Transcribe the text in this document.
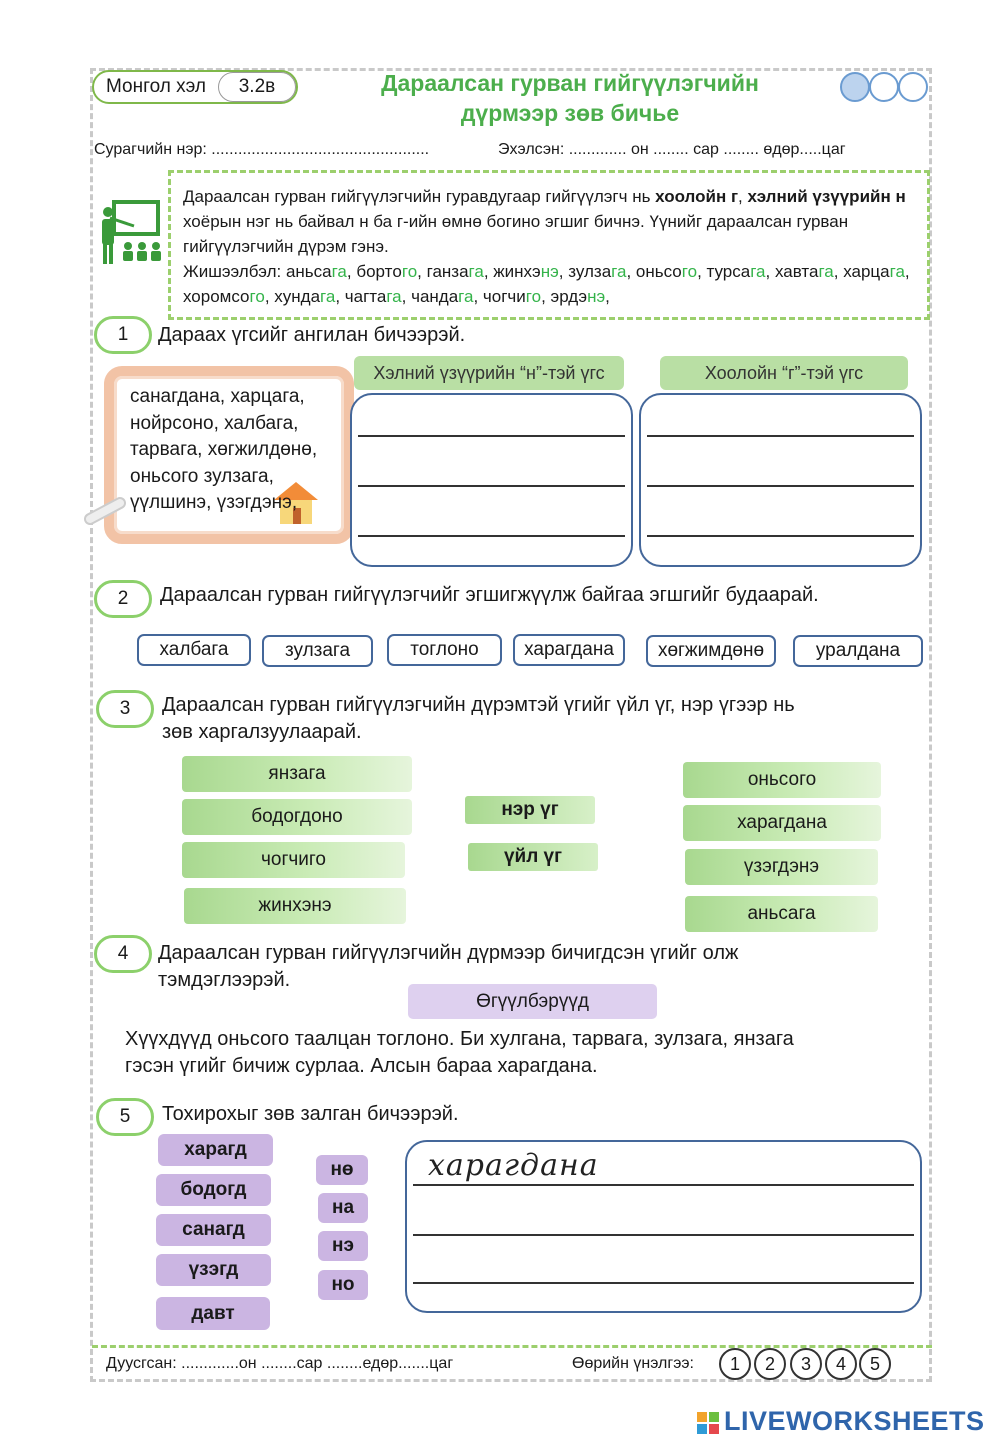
Монгол хэл	3.2в	Дараалсан гурван гийгүүлэгчийн
дүрмээр зөв бичье
Сурагчийн нэр: .................................................	Эхэлсэн: ............. он ........ сар ........ өдөр.....цаг
Дараалсан гурван гийгүүлэгчийн гуравдугаар гийгүүлэгч нь хоолойн г, хэлний үзүүрийн н хоёрын нэг нь байвал н ба г-ийн өмнө богино эгшиг бичнэ. Үүнийг дараалсан гурван гийгүүлэгчийн дүрэм гэнэ.
Жишээлбэл: аньсага, бортoго, ганзага, жинхэнэ, зулзага, оньсого, турсага, хавтага, харцага, хоромсого, хундага, чагтага, чандага, чогчиго, эрдэнэ,
1	Дараах үгсийг ангилан бичээрэй.
санагдана, харцага,
нойрсоно, халбага,
тарвага, хөгжилдөнө,
оньсого зулзага,
үүлшинэ, үзэгдэнэ,
Хэлний үзүүрийн “н”-тэй үгс	Хоолойн “г”-тэй үгс
2	Дараалсан гурван гийгүүлэгчийг эгшигжүүлж байгаа эгшгийг будаарай.
халбага	зулзага	тоглоно	харагдана	хөгжимдөнө	уралдана
3	Дараалсан гурван гийгүүлэгчийн дүрэмтэй үгийг үйл үг, нэр үгээр нь
зөв харгалзуулаарай.
янзага
бодогдоно
чогчиго
жинхэнэ
нэр үг
үйл үг
оньсого
харагдана
үзэгдэнэ
аньсага
4	Дараалсан гурван гийгүүлэгчийн дүрмээр бичигдсэн үгийг олж
тэмдэглээрэй.
Өгүүлбэрүүд
Хүүхдүүд оньсого таалцан тоглоно. Би хулгана, тарвага, зулзага, янзага
гэсэн үгийг бичиж сурлаа. Алсын бараа харагдана.
5	Тохирохыг зөв залган бичээрэй.
харагд
бодогд
санагд
үзэгд
давт
нө
на
нэ
но
харагдана
Дуусгсан: .............он ........сар ........едөр.......цаг	Өөрийн үнэлгээ:	1	2	3	4	5
LIVEWORKSHEETS
